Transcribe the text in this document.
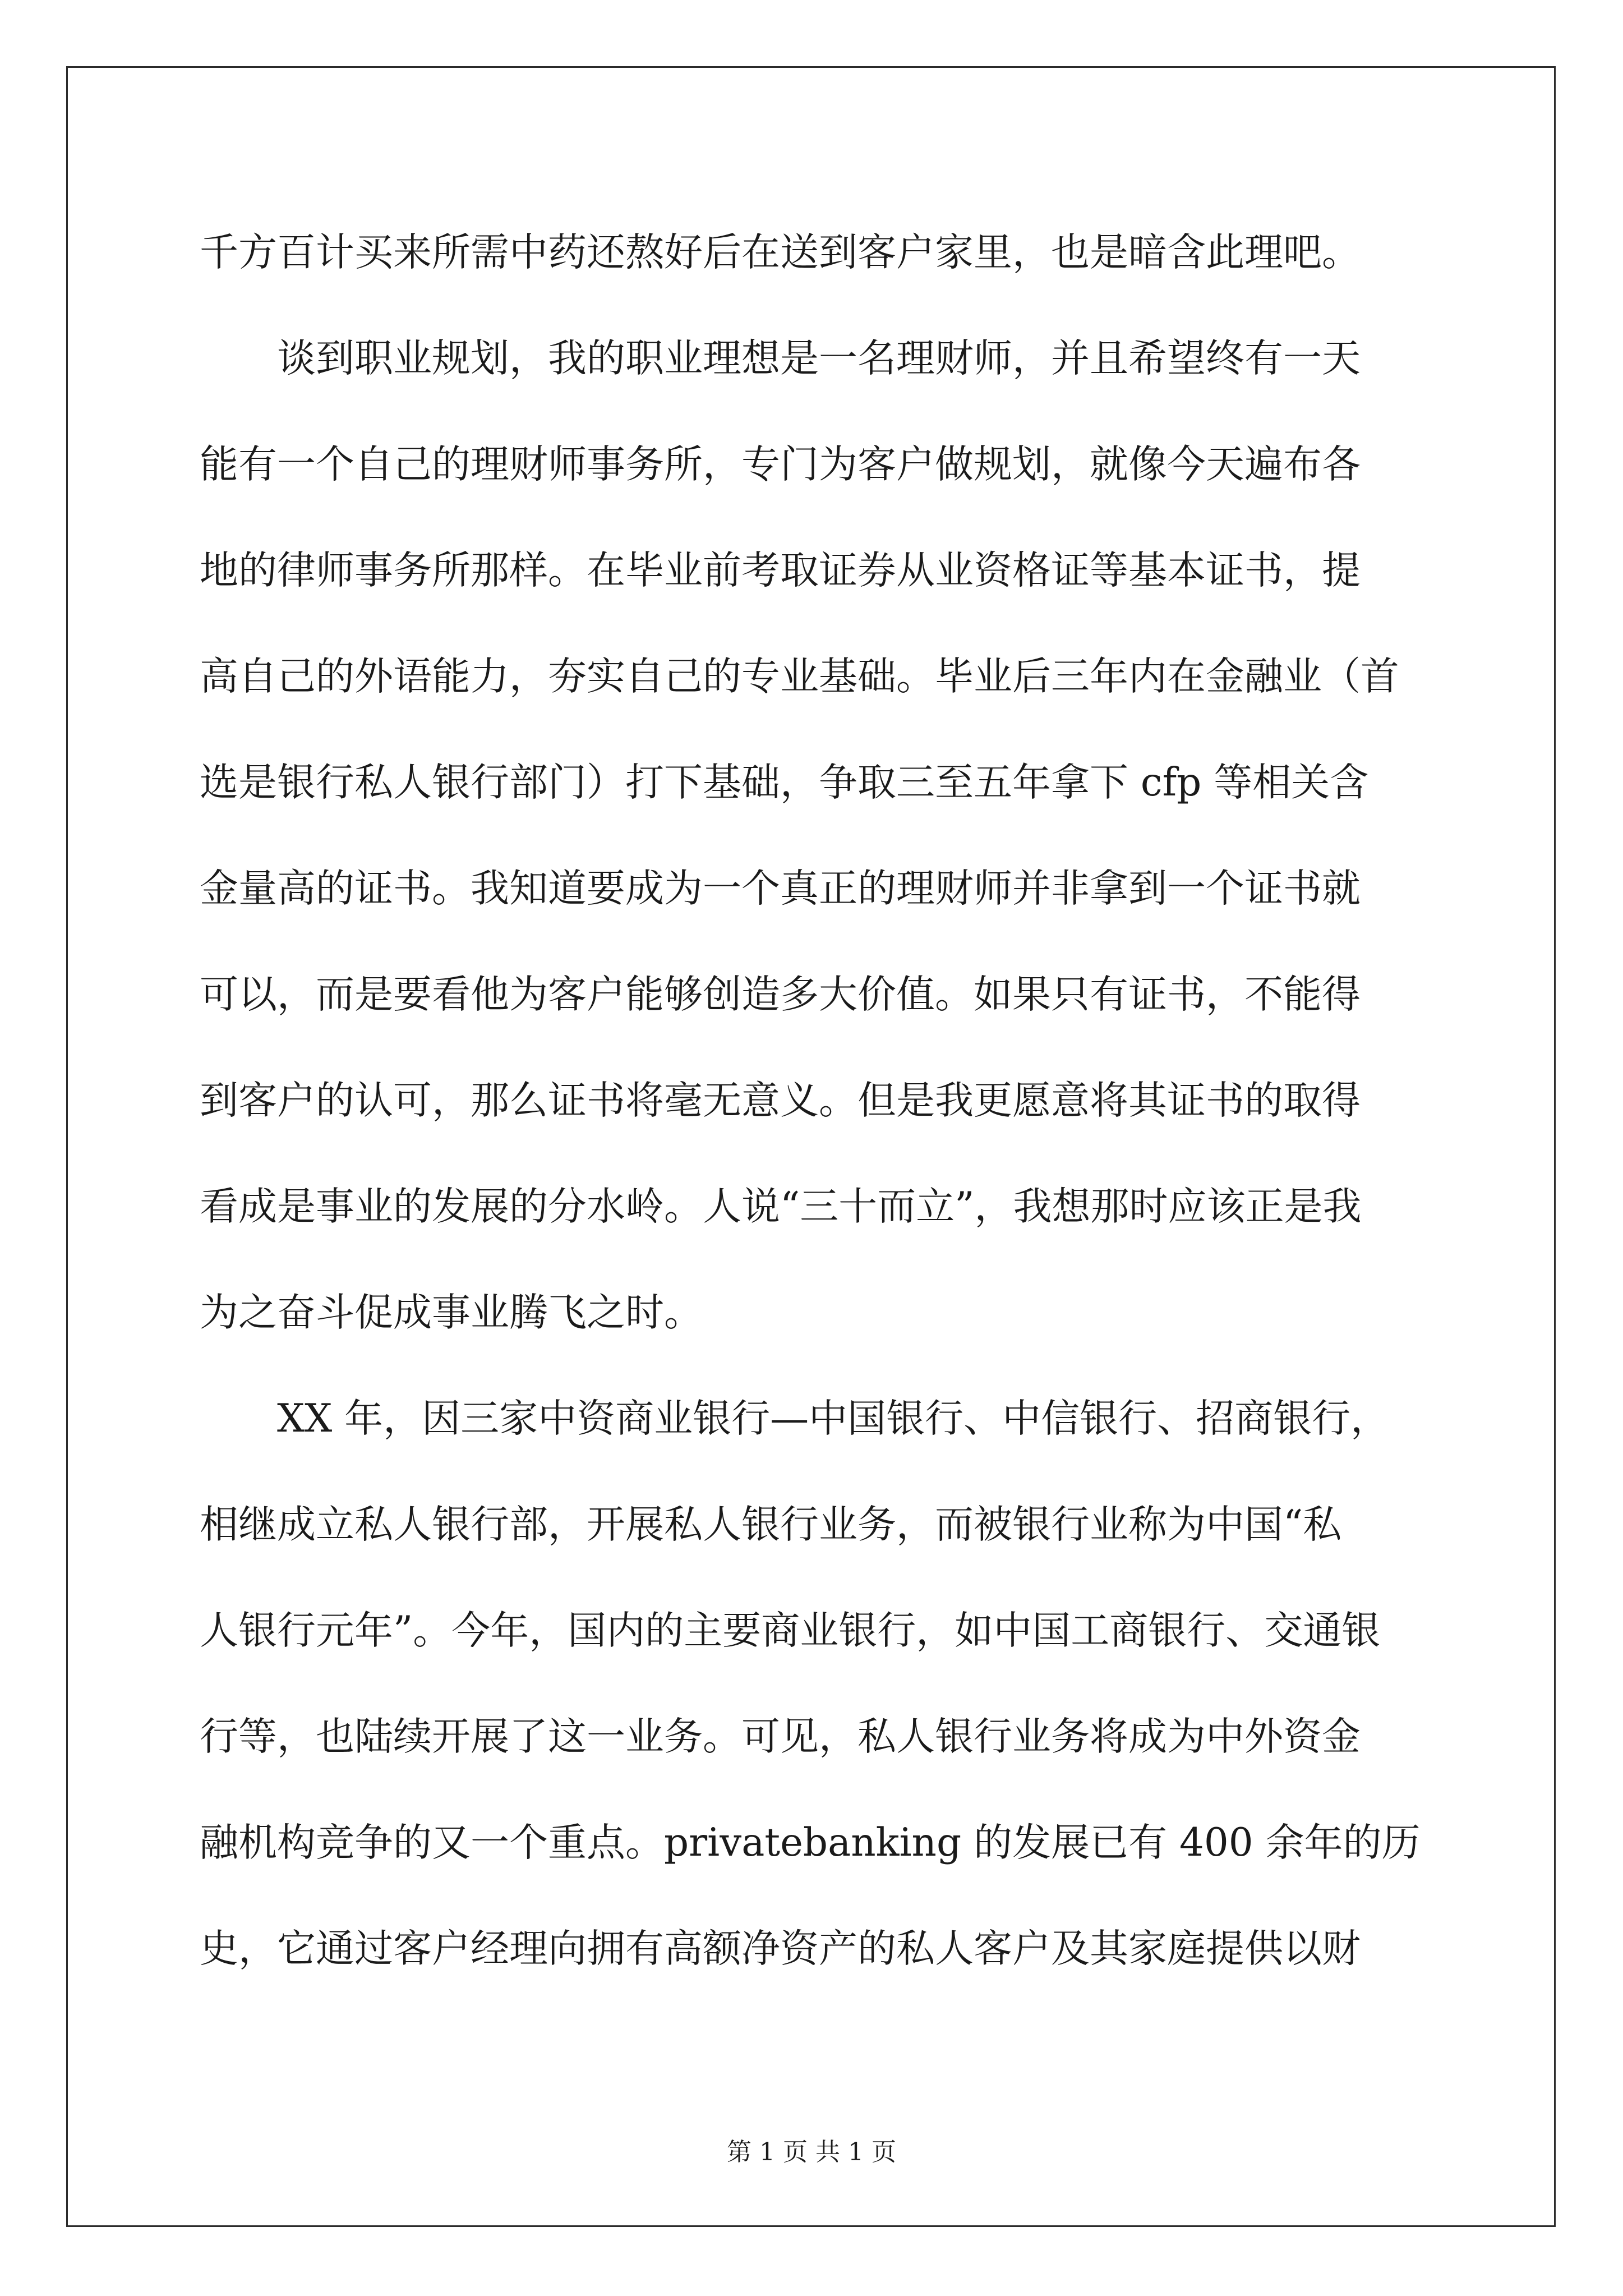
千方百计买来所需中药还熬好后在送到客户家里，也是暗含此理吧。
谈到职业规划，我的职业理想是一名理财师，并且希望终有一天
能有一个自己的理财师事务所，专门为客户做规划，就像今天遍布各
地的律师事务所那样。在毕业前考取证券从业资格证等基本证书，提
高自己的外语能力，夯实自己的专业基础。毕业后三年内在金融业（首
选是银行私人银行部门）打下基础，争取三至五年拿下 cfp 等相关含
金量高的证书。我知道要成为一个真正的理财师并非拿到一个证书就
可以，而是要看他为客户能够创造多大价值。如果只有证书，不能得
到客户的认可，那么证书将毫无意义。但是我更愿意将其证书的取得
看成是事业的发展的分水岭。人说“三十而立”，我想那时应该正是我
为之奋斗促成事业腾飞之时。
XX 年，因三家中资商业银行—中国银行、中信银行、招商银行，
相继成立私人银行部，开展私人银行业务，而被银行业称为中国“私
人银行元年”。今年，国内的主要商业银行，如中国工商银行、交通银
行等，也陆续开展了这一业务。可见，私人银行业务将成为中外资金
融机构竞争的又一个重点。privatebanking 的发展已有 400 余年的历
史，它通过客户经理向拥有高额净资产的私人客户及其家庭提供以财
第 1 页 共 1 页
